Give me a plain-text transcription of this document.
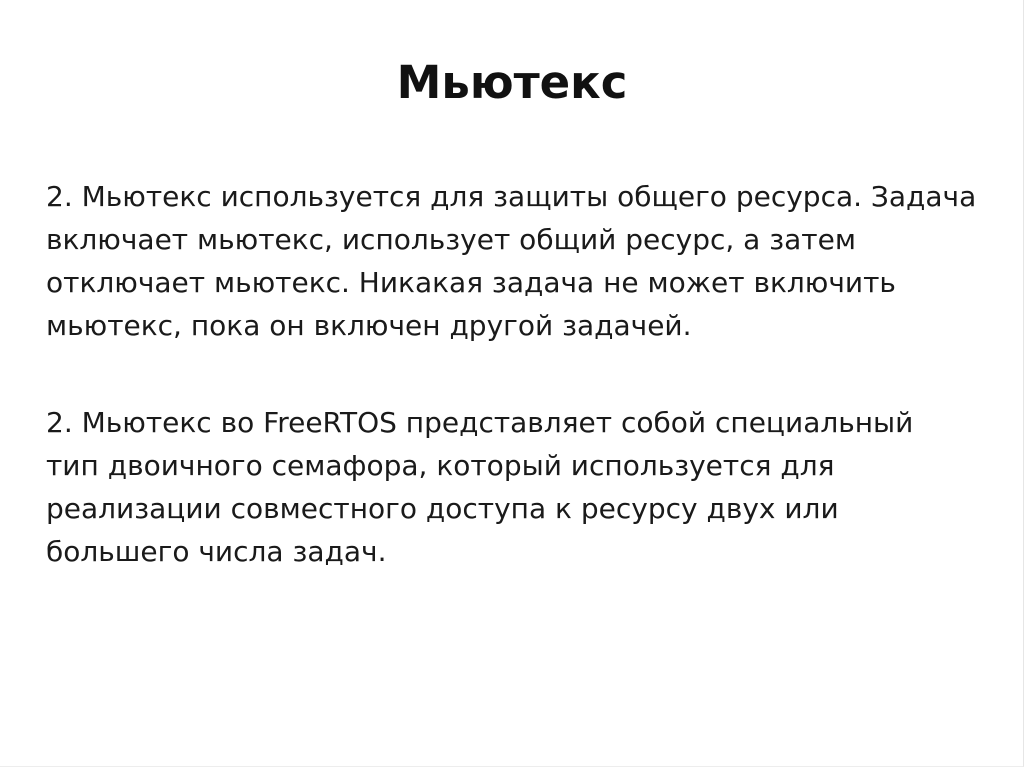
Мьютекс

2. Мьютекс используется для защиты общего ресурса. Задача
включает мьютекс, использует общий ресурс, а затем
отключает мьютекс. Никакая задача не может включить
мьютекс, пока он включен другой задачей.

2. Мьютекс во FreeRTOS представляет собой специальный
тип двоичного семафора, который используется для
реализации совместного доступа к ресурсу двух или
большего числа задач.
